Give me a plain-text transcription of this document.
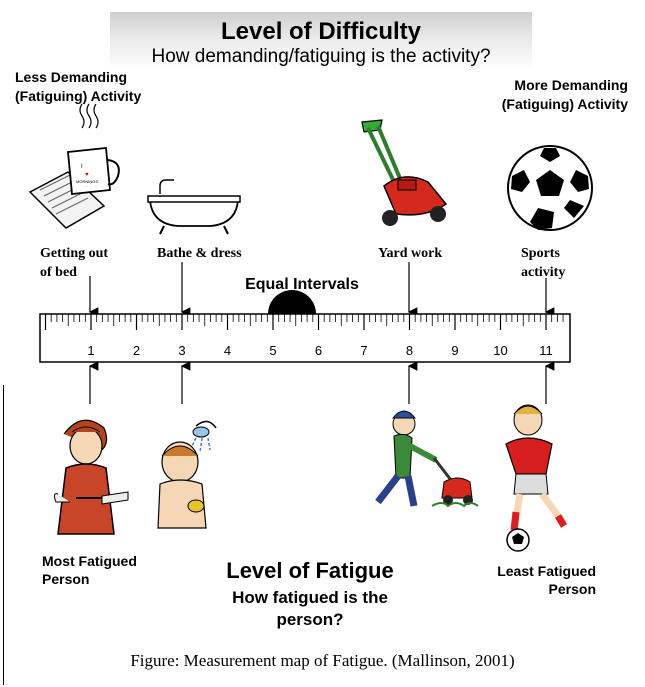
Level of Difficulty
How demanding/fatiguing is the activity?
Less Demanding
(Fatiguing) Activity
More Demanding
(Fatiguing) Activity
I
♥
MORNINGS
1	2	3	4	5	6	7	8	9	10 11
Getting out
of bed
Bathe & dress	Yard work	Sports
activity
Equal Intervals
Most Fatigued
Person	Least Fatigued
Person
Level of Fatigue
How fatigued is the
person?
Figure: Measurement map of Fatigue. (Mallinson, 2001)
